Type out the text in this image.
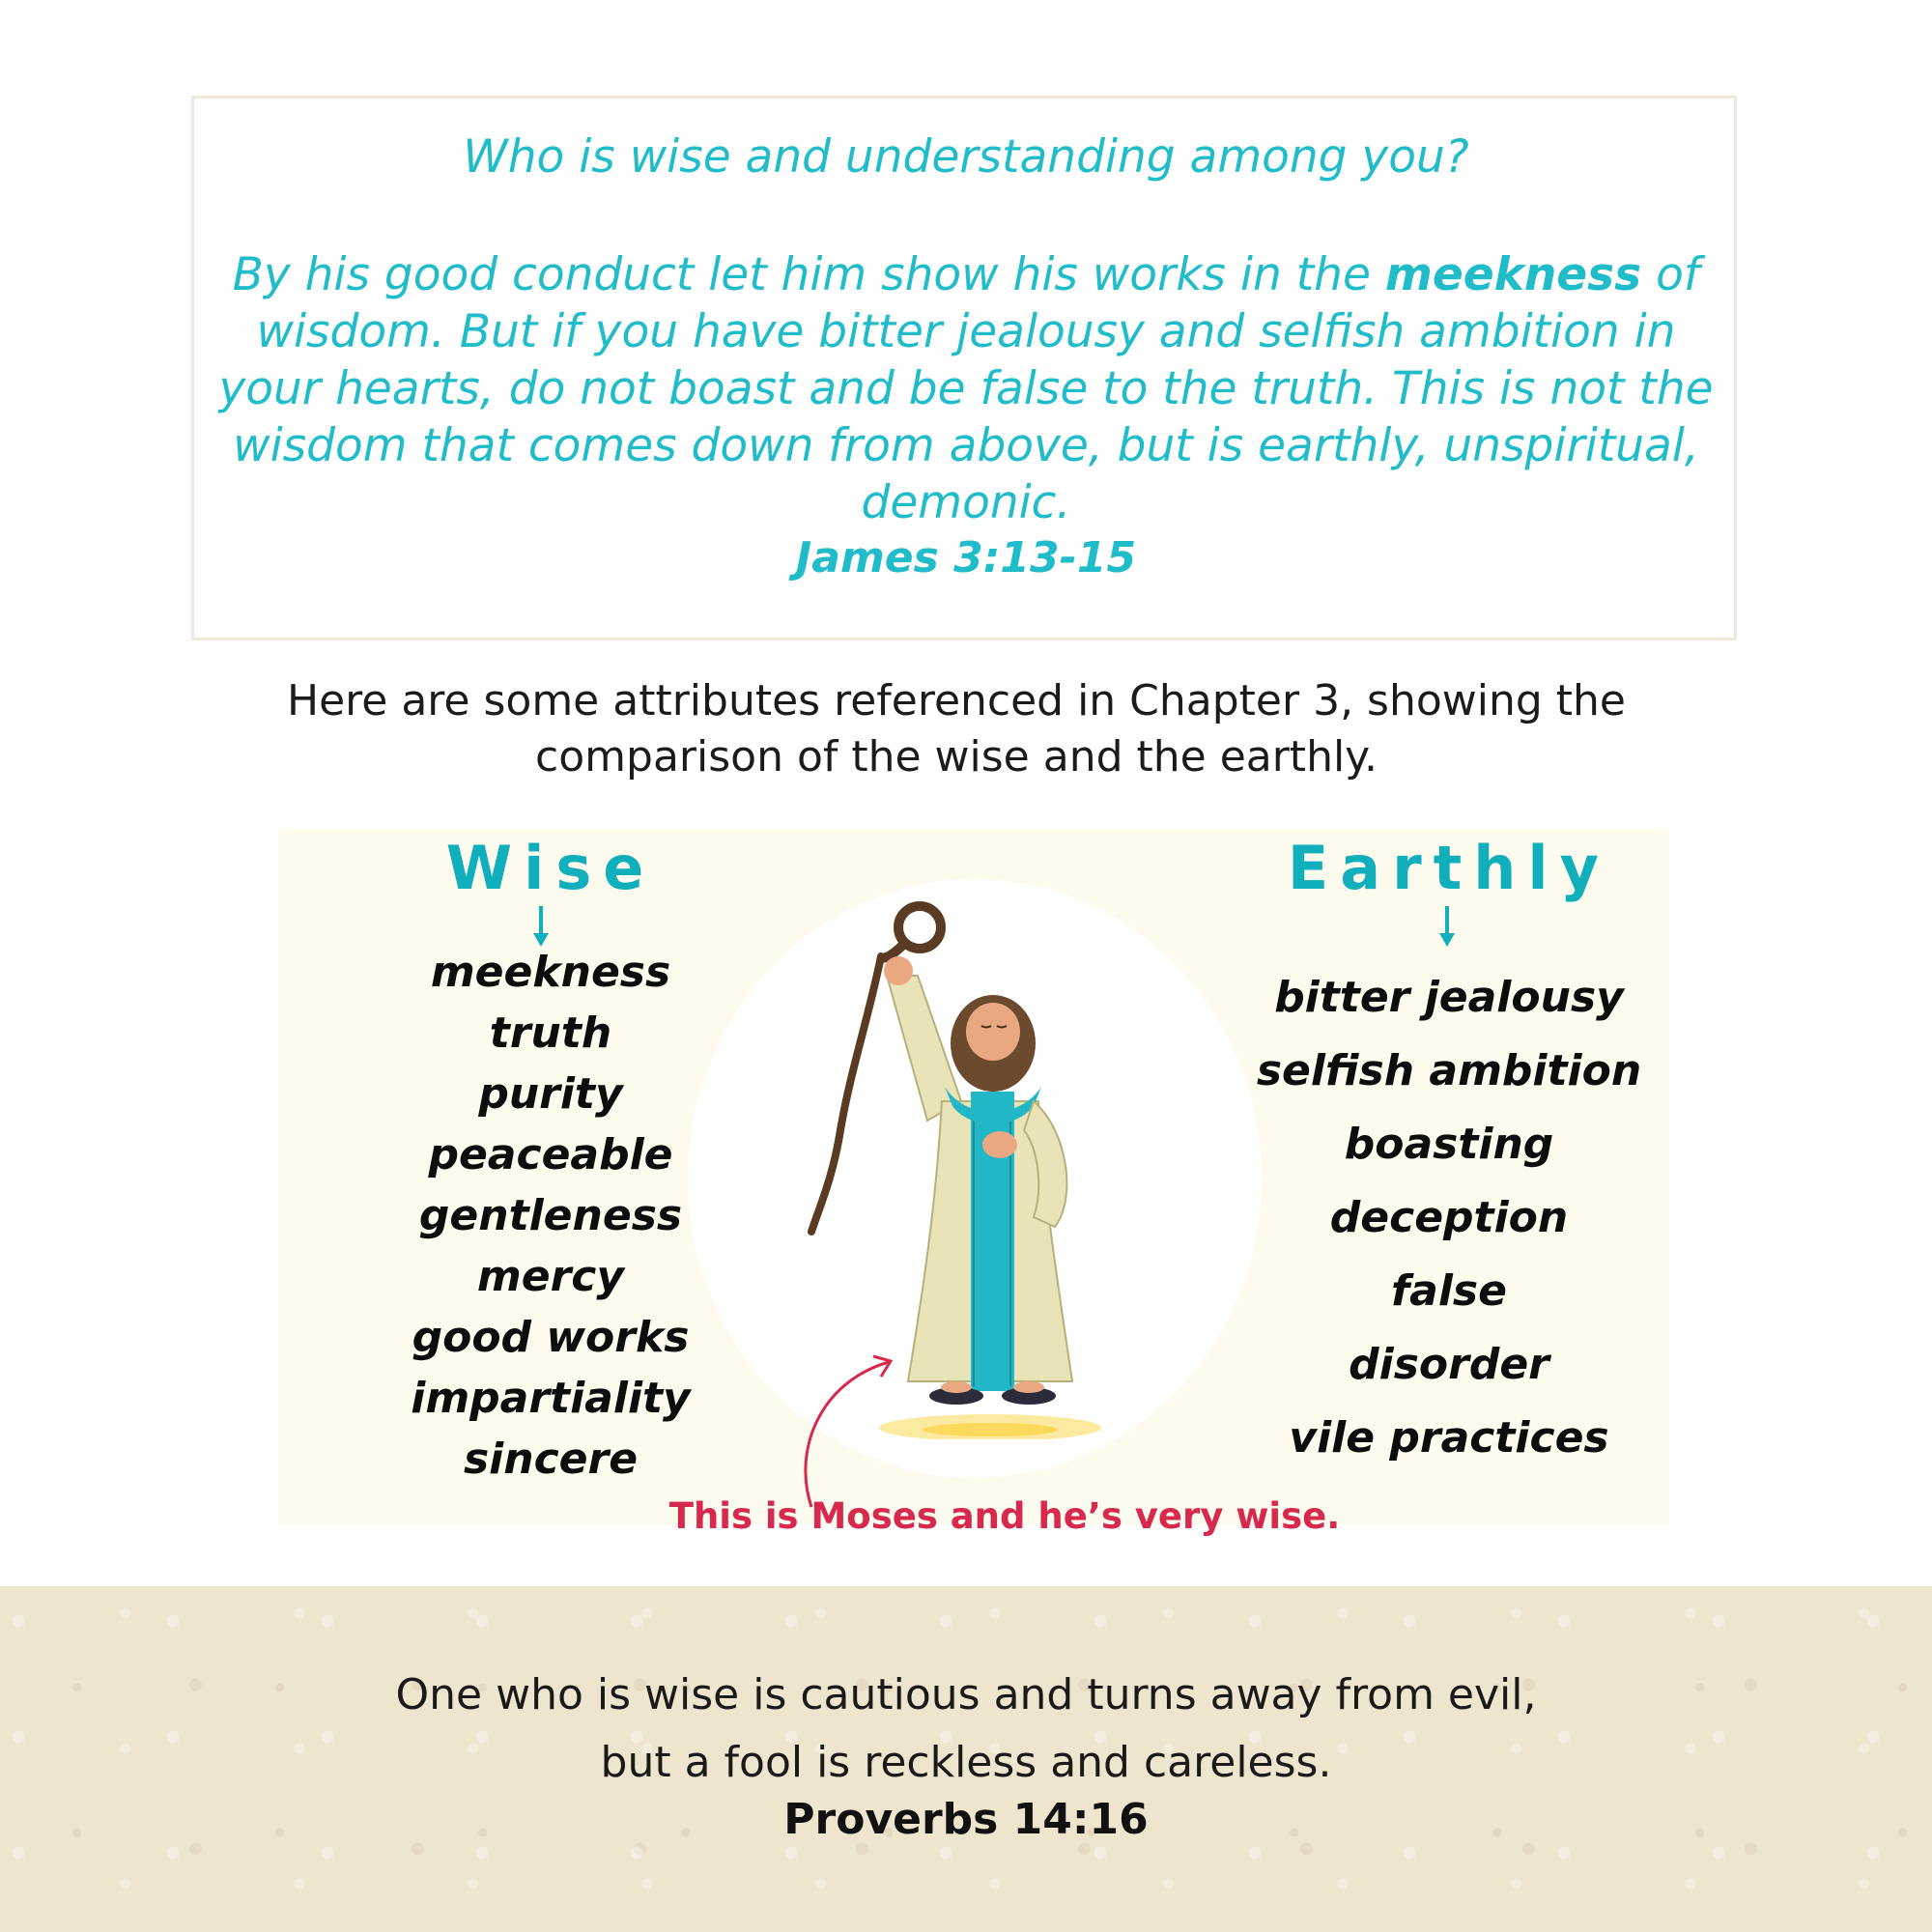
Who is wise and understanding among you?
By his good conduct let him show his works in the meekness of wisdom. But if you have bitter jealousy and selfish ambition in your hearts, do not boast and be false to the truth. This is not the wisdom that comes down from above, but is earthly, unspiritual, demonic.
James 3:13-15
Here are some attributes referenced in Chapter 3, showing the comparison of the wise and the earthly.
Wise
meekness
truth
purity
peaceable
gentleness
mercy
good works
impartiality
sincere
Earthly
bitter jealousy
selfish ambition
boasting
deception
false
disorder
vile practices
This is Moses and he’s very wise.
One who is wise is cautious and turns away from evil,
but a fool is reckless and careless.
Proverbs 14:16
